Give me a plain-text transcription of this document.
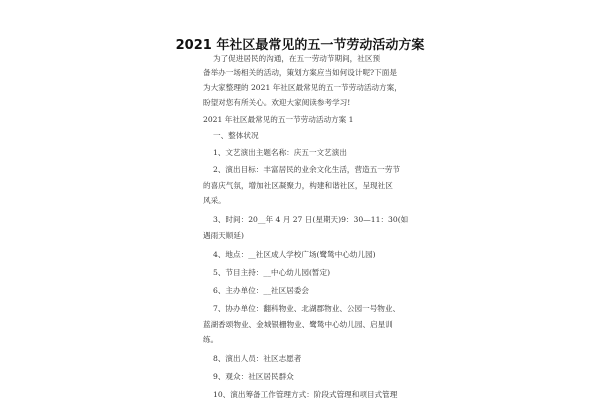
2021 年社区最常见的五一节劳动活动方案
为了促进居民的沟通，在五一劳动节期间，社区预
备举办一场相关的活动，策划方案应当如何设计呢?下面是
为大家整理的 2021 年社区最常见的五一节劳动活动方案，
盼望对您有所关心。欢迎大家阅读参考学习!
2021 年社区最常见的五一节劳动活动方案 1
一、整体状况
1、文艺演出主题名称：庆五一文艺演出
2、演出目标：丰富居民的业余文化生活，营造五一劳节
的喜庆气氛，增加社区凝聚力，构建和谐社区，呈现社区
风采。
3、时间：20__年 4 月 27 日(星期天)9：30—11：30(如
遇雨天顺延)
4、地点：__社区成人学校广场(鹭鸶中心幼儿园)
5、节目主持：__中心幼儿园(暂定)
6、主办单位：__社区居委会
7、协办单位：翻科物业、北湖郡物业、公园一号物业、
蓝湖香颂物业、金城银栅物业、鹭鸶中心幼儿园、启星训
练。
8、演出人员：社区志愿者
9、观众：社区居民群众
10、演出筹备工作管理方式：阶段式管理和项目式管理
